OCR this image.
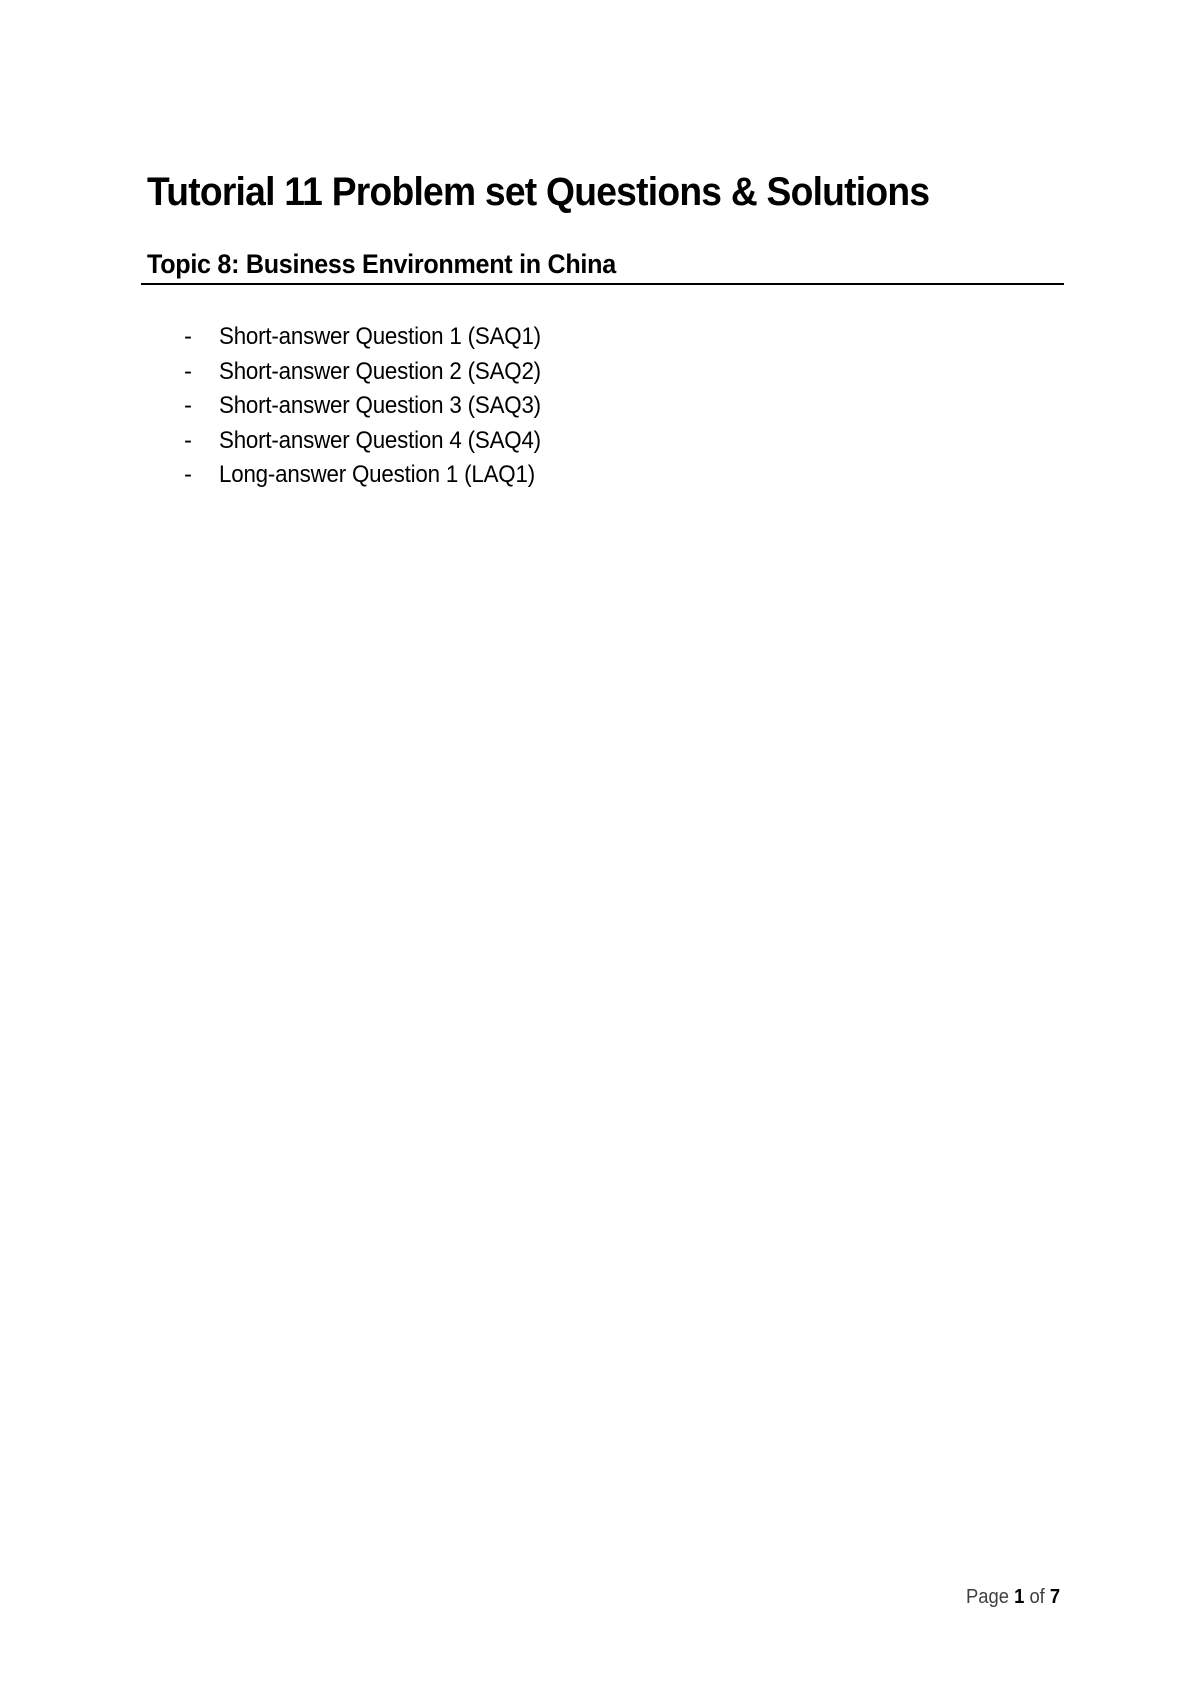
Tutorial 11 Problem set Questions & Solutions
Topic 8: Business Environment in China
- Short-answer Question 1 (SAQ1)
- Short-answer Question 2 (SAQ2)
- Short-answer Question 3 (SAQ3)
- Short-answer Question 4 (SAQ4)
- Long-answer Question 1 (LAQ1)
Page 1 of 7
